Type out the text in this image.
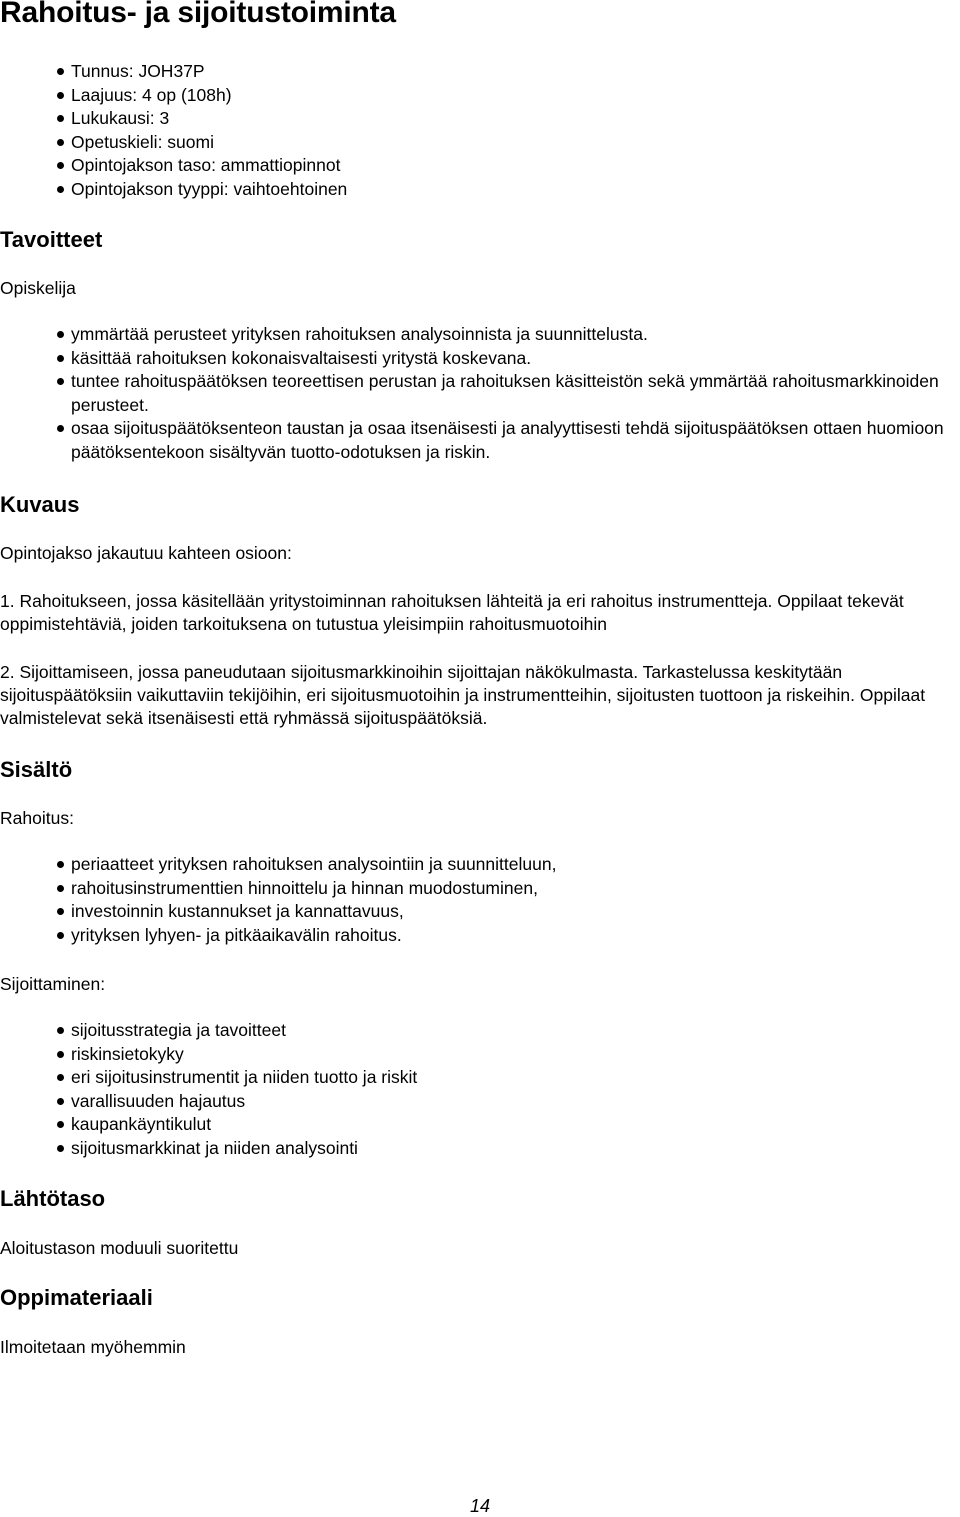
Rahoitus- ja sijoitustoiminta
Tunnus: JOH37P
Laajuus: 4 op (108h)
Lukukausi: 3
Opetuskieli: suomi
Opintojakson taso: ammattiopinnot
Opintojakson tyyppi: vaihtoehtoinen
Tavoitteet

Opiskelija

ymmärtää perusteet yrityksen rahoituksen analysoinnista ja suunnittelusta.
käsittää rahoituksen kokonaisvaltaisesti yritystä koskevana.
tuntee rahoituspäätöksen teoreettisen perustan ja rahoituksen käsitteistön sekä ymmärtää rahoitusmarkkinoiden perusteet.
osaa sijoituspäätöksenteon taustan ja osaa itsenäisesti ja analyyttisesti tehdä sijoituspäätöksen ottaen huomioon päätöksentekoon sisältyvän tuotto-odotuksen ja riskin.
Kuvaus

Opintojakso jakautuu kahteen osioon:

1. Rahoitukseen, jossa käsitellään yritystoiminnan rahoituksen lähteitä ja eri rahoitus instrumentteja. Oppilaat tekevät oppimistehtäviä, joiden tarkoituksena on tutustua yleisimpiin rahoitusmuotoihin

2. Sijoittamiseen, jossa paneudutaan sijoitusmarkkinoihin sijoittajan näkökulmasta. Tarkastelussa keskitytään sijoituspäätöksiin vaikuttaviin tekijöihin, eri sijoitusmuotoihin ja instrumentteihin, sijoitusten tuottoon ja riskeihin. Oppilaat valmistelevat sekä itsenäisesti että ryhmässä sijoituspäätöksiä.

Sisältö

Rahoitus:

periaatteet yrityksen rahoituksen analysointiin ja suunnitteluun,
rahoitusinstrumenttien hinnoittelu ja hinnan muodostuminen,
investoinnin kustannukset ja kannattavuus,
yrityksen lyhyen- ja pitkäaikavälin rahoitus.

Sijoittaminen:

sijoitusstrategia ja tavoitteet
riskinsietokyky
eri sijoitusinstrumentit ja niiden tuotto ja riskit
varallisuuden hajautus
kaupankäyntikulut
sijoitusmarkkinat ja niiden analysointi
Lähtötaso

Aloitustason moduuli suoritettu

Oppimateriaali

Ilmoitetaan myöhemmin

14
